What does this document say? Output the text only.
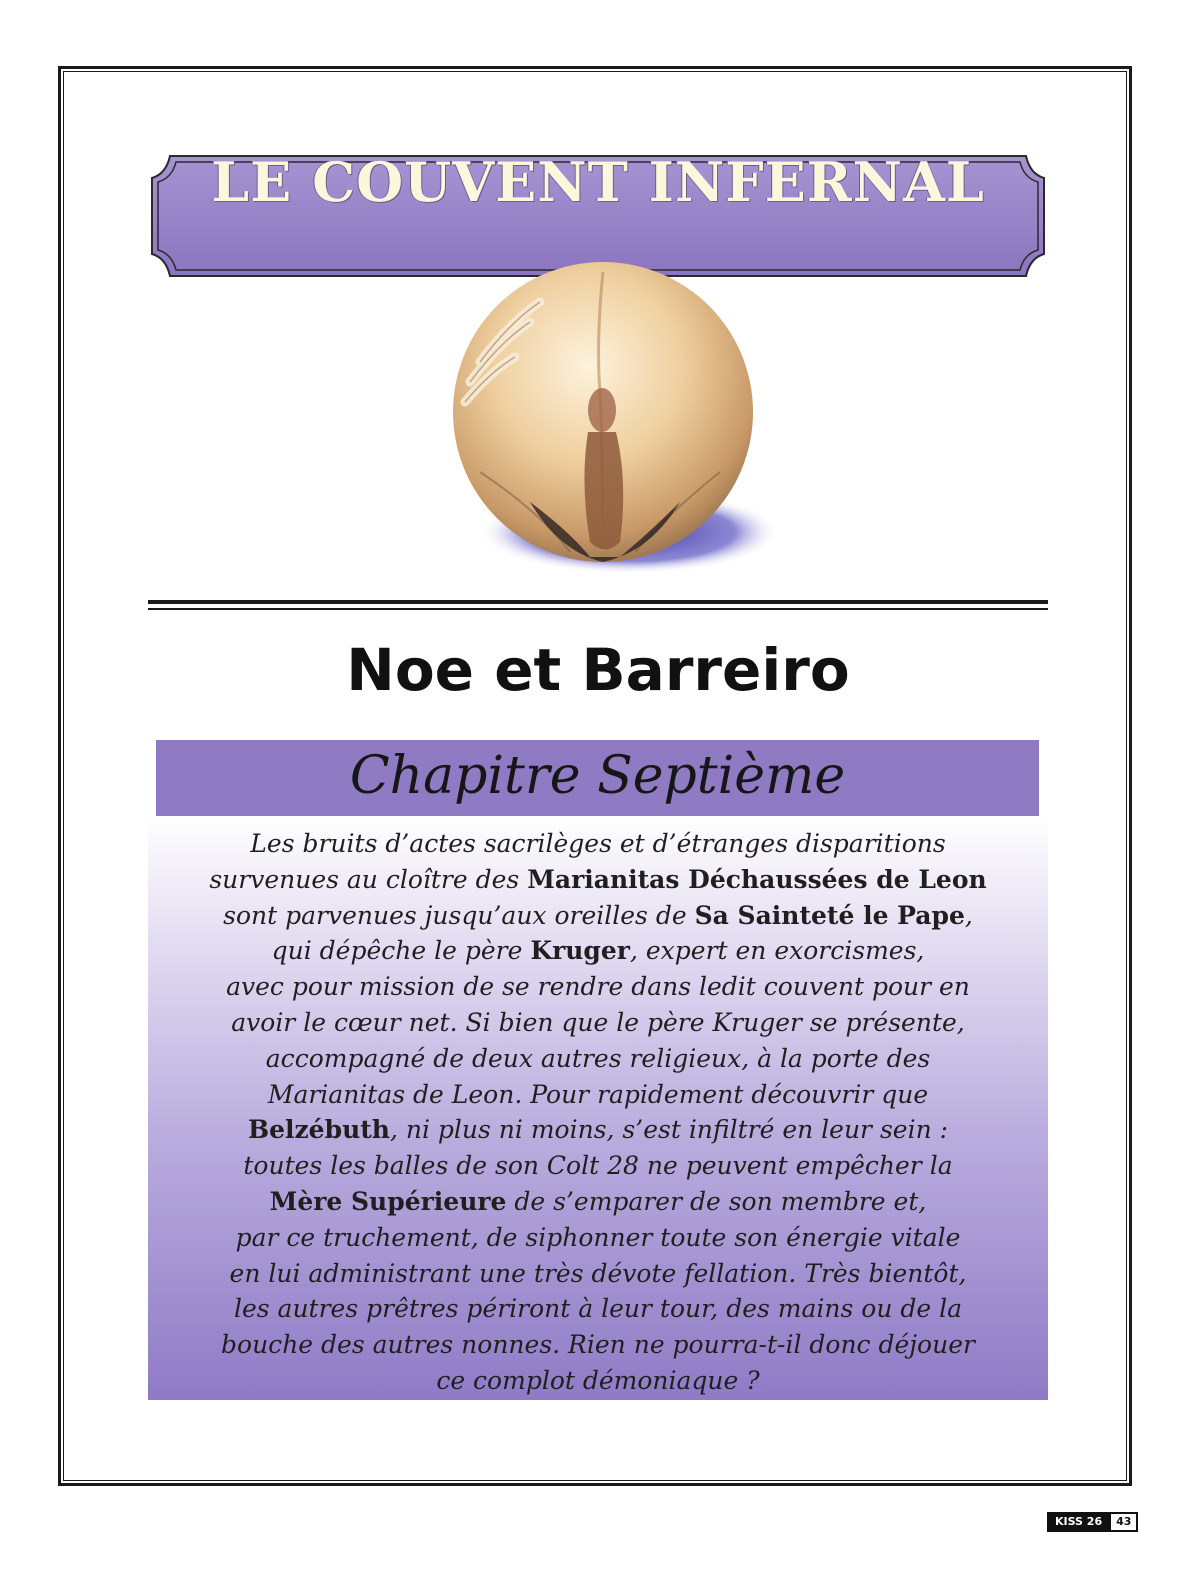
LE COUVENT INFERNAL
Noe et Barreiro
Chapitre Septième
Les bruits d’actes sacrilèges et d’étranges disparitions
survenues au cloître des Marianitas Déchaussées de Leon
sont parvenues jusqu’aux oreilles de Sa Sainteté le Pape,
qui dépêche le père Kruger, expert en exorcismes,
avec pour mission de se rendre dans ledit couvent pour en
avoir le cœur net. Si bien que le père Kruger se présente,
accompagné de deux autres religieux, à la porte des
Marianitas de Leon. Pour rapidement découvrir que
Belzébuth, ni plus ni moins, s’est infiltré en leur sein :
toutes les balles de son Colt 28 ne peuvent empêcher la
Mère Supérieure de s’emparer de son membre et,
par ce truchement, de siphonner toute son énergie vitale
en lui administrant une très dévote fellation. Très bientôt,
les autres prêtres périront à leur tour, des mains ou de la
bouche des autres nonnes. Rien ne pourra-t-il donc déjouer
ce complot démoniaque ?
KISS 26	43
